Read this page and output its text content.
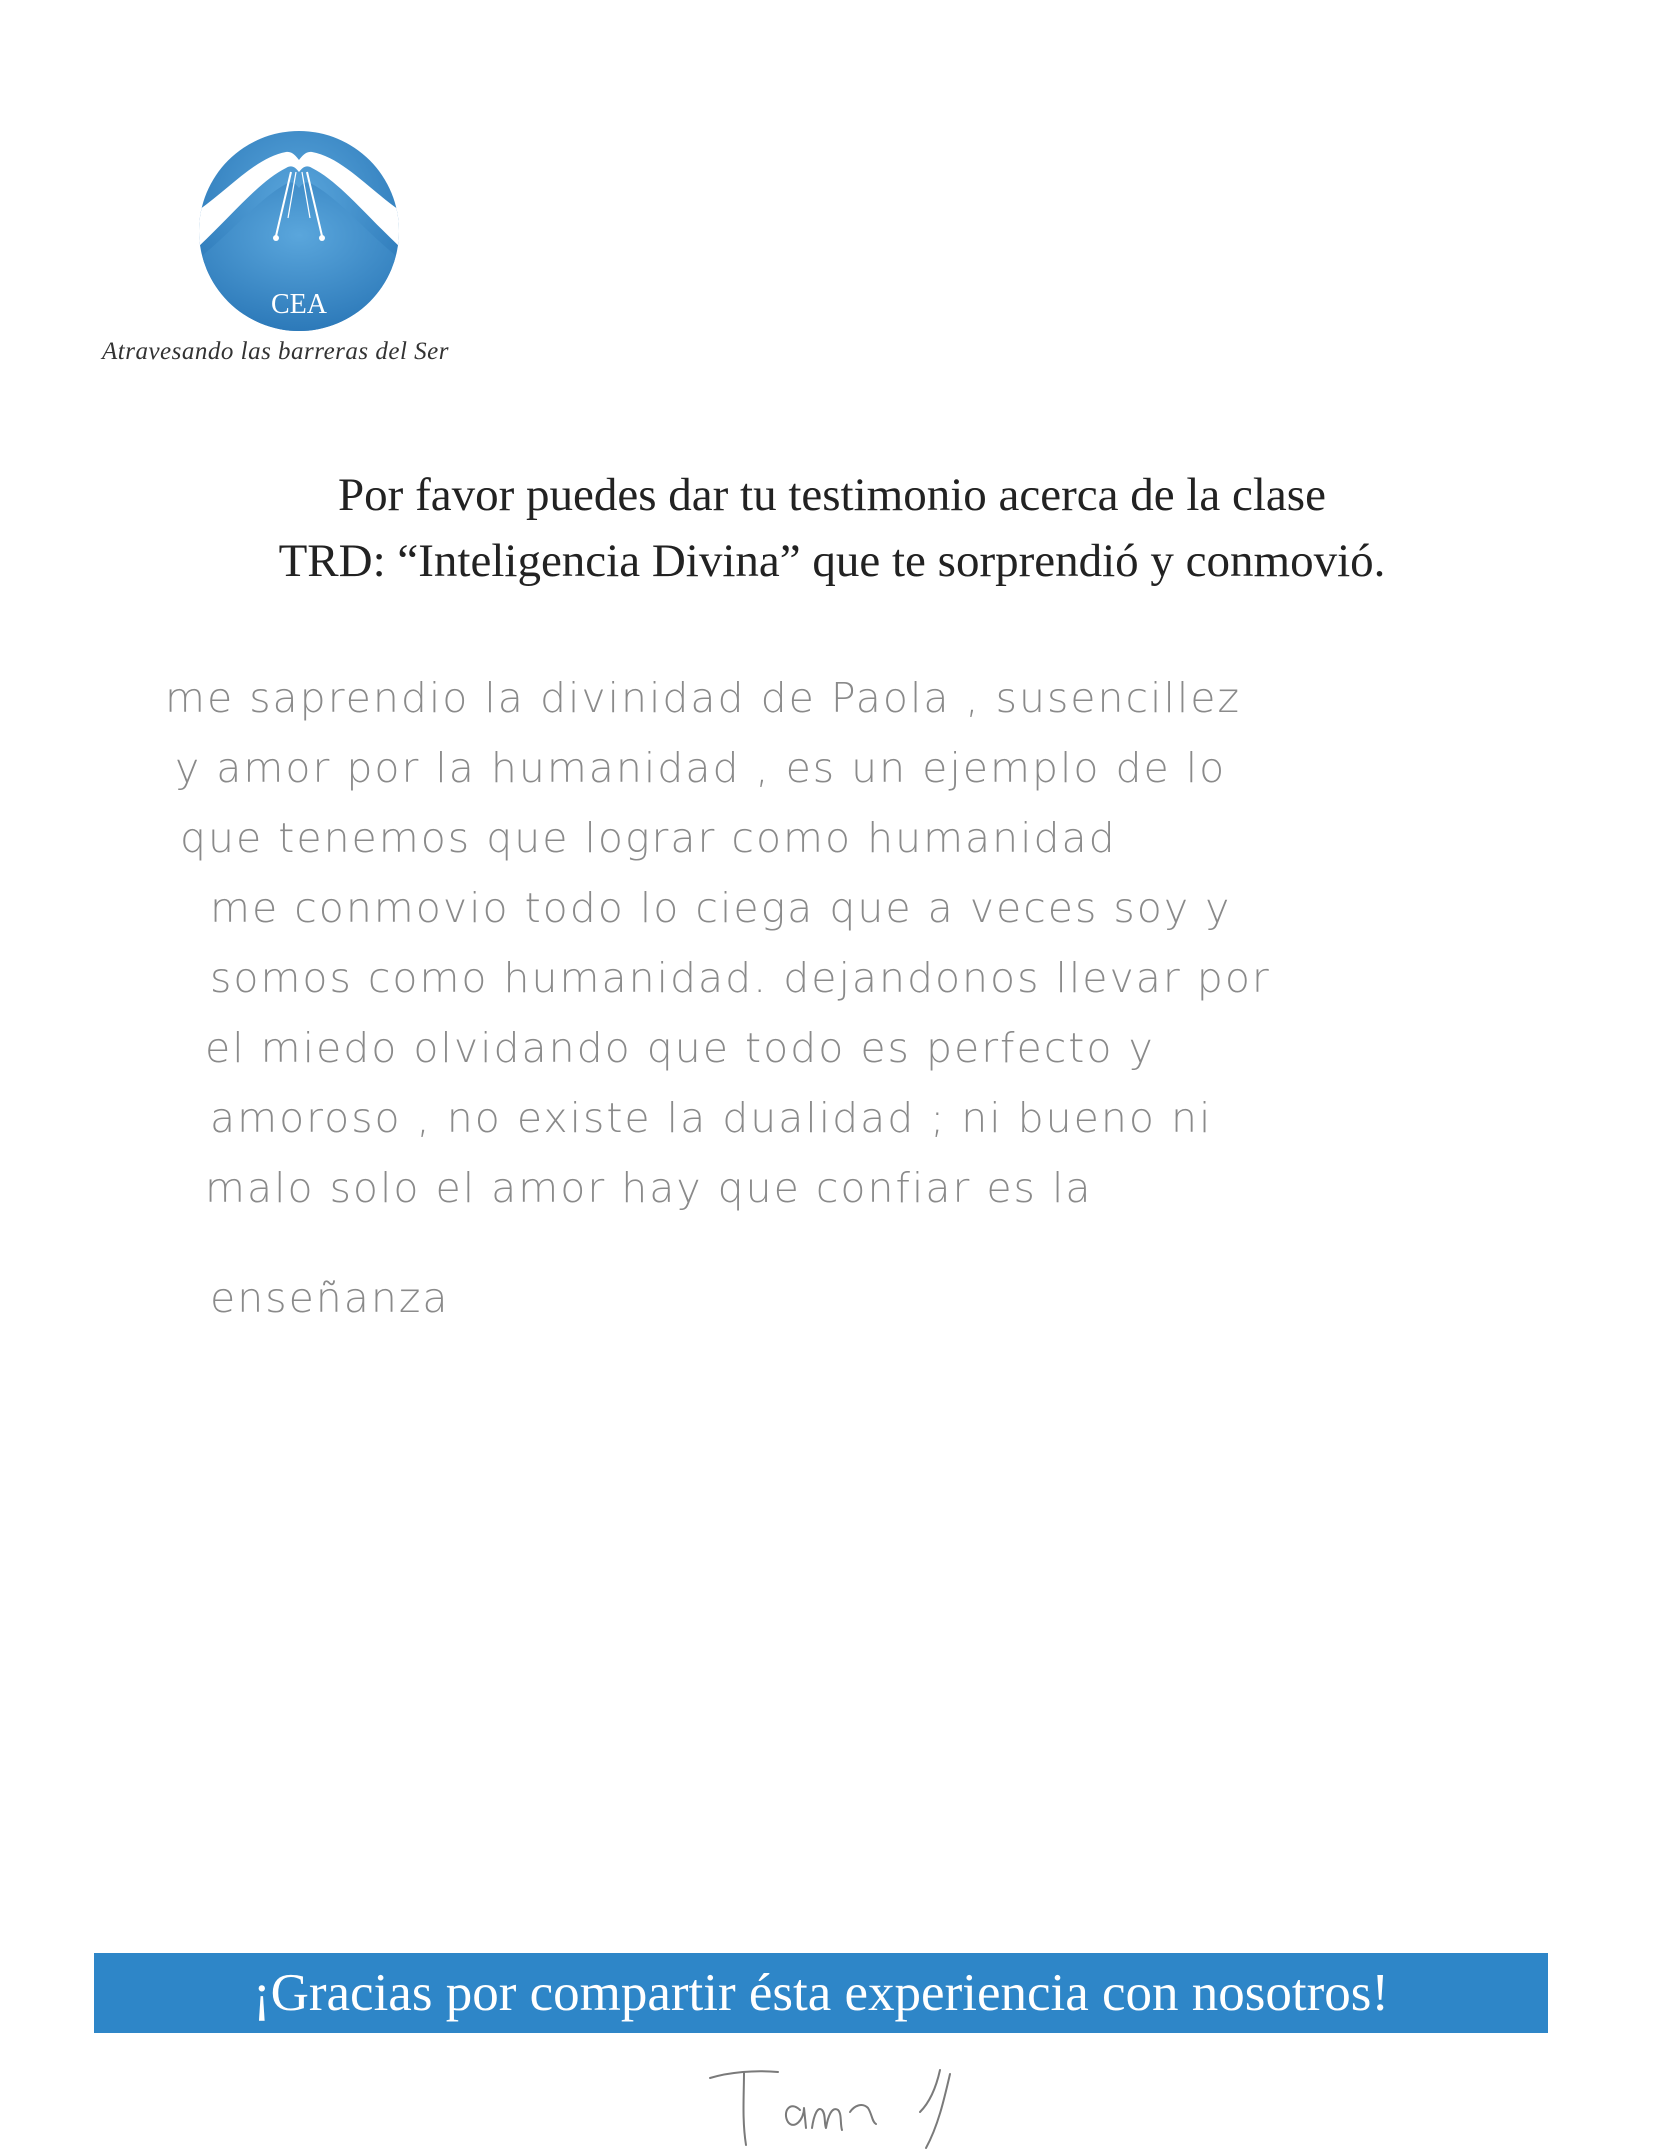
CEA
Atravesando las barreras del Ser
Por favor puedes dar tu testimonio acerca de la clase
TRD: “Inteligencia Divina” que te sorprendió y conmovió.
me saprendio la divinidad de Paola , susencillez
y amor por la humanidad , es un ejemplo de lo
que tenemos que lograr como humanidad
me conmovio todo lo ciega que a veces soy y
somos como humanidad. dejandonos llevar por
el miedo olvidando que todo es perfecto y
amoroso , no existe la dualidad ; ni bueno ni
malo solo el amor hay que confiar es la
enseñanza
¡Gracias por compartir ésta experiencia con nosotros!
